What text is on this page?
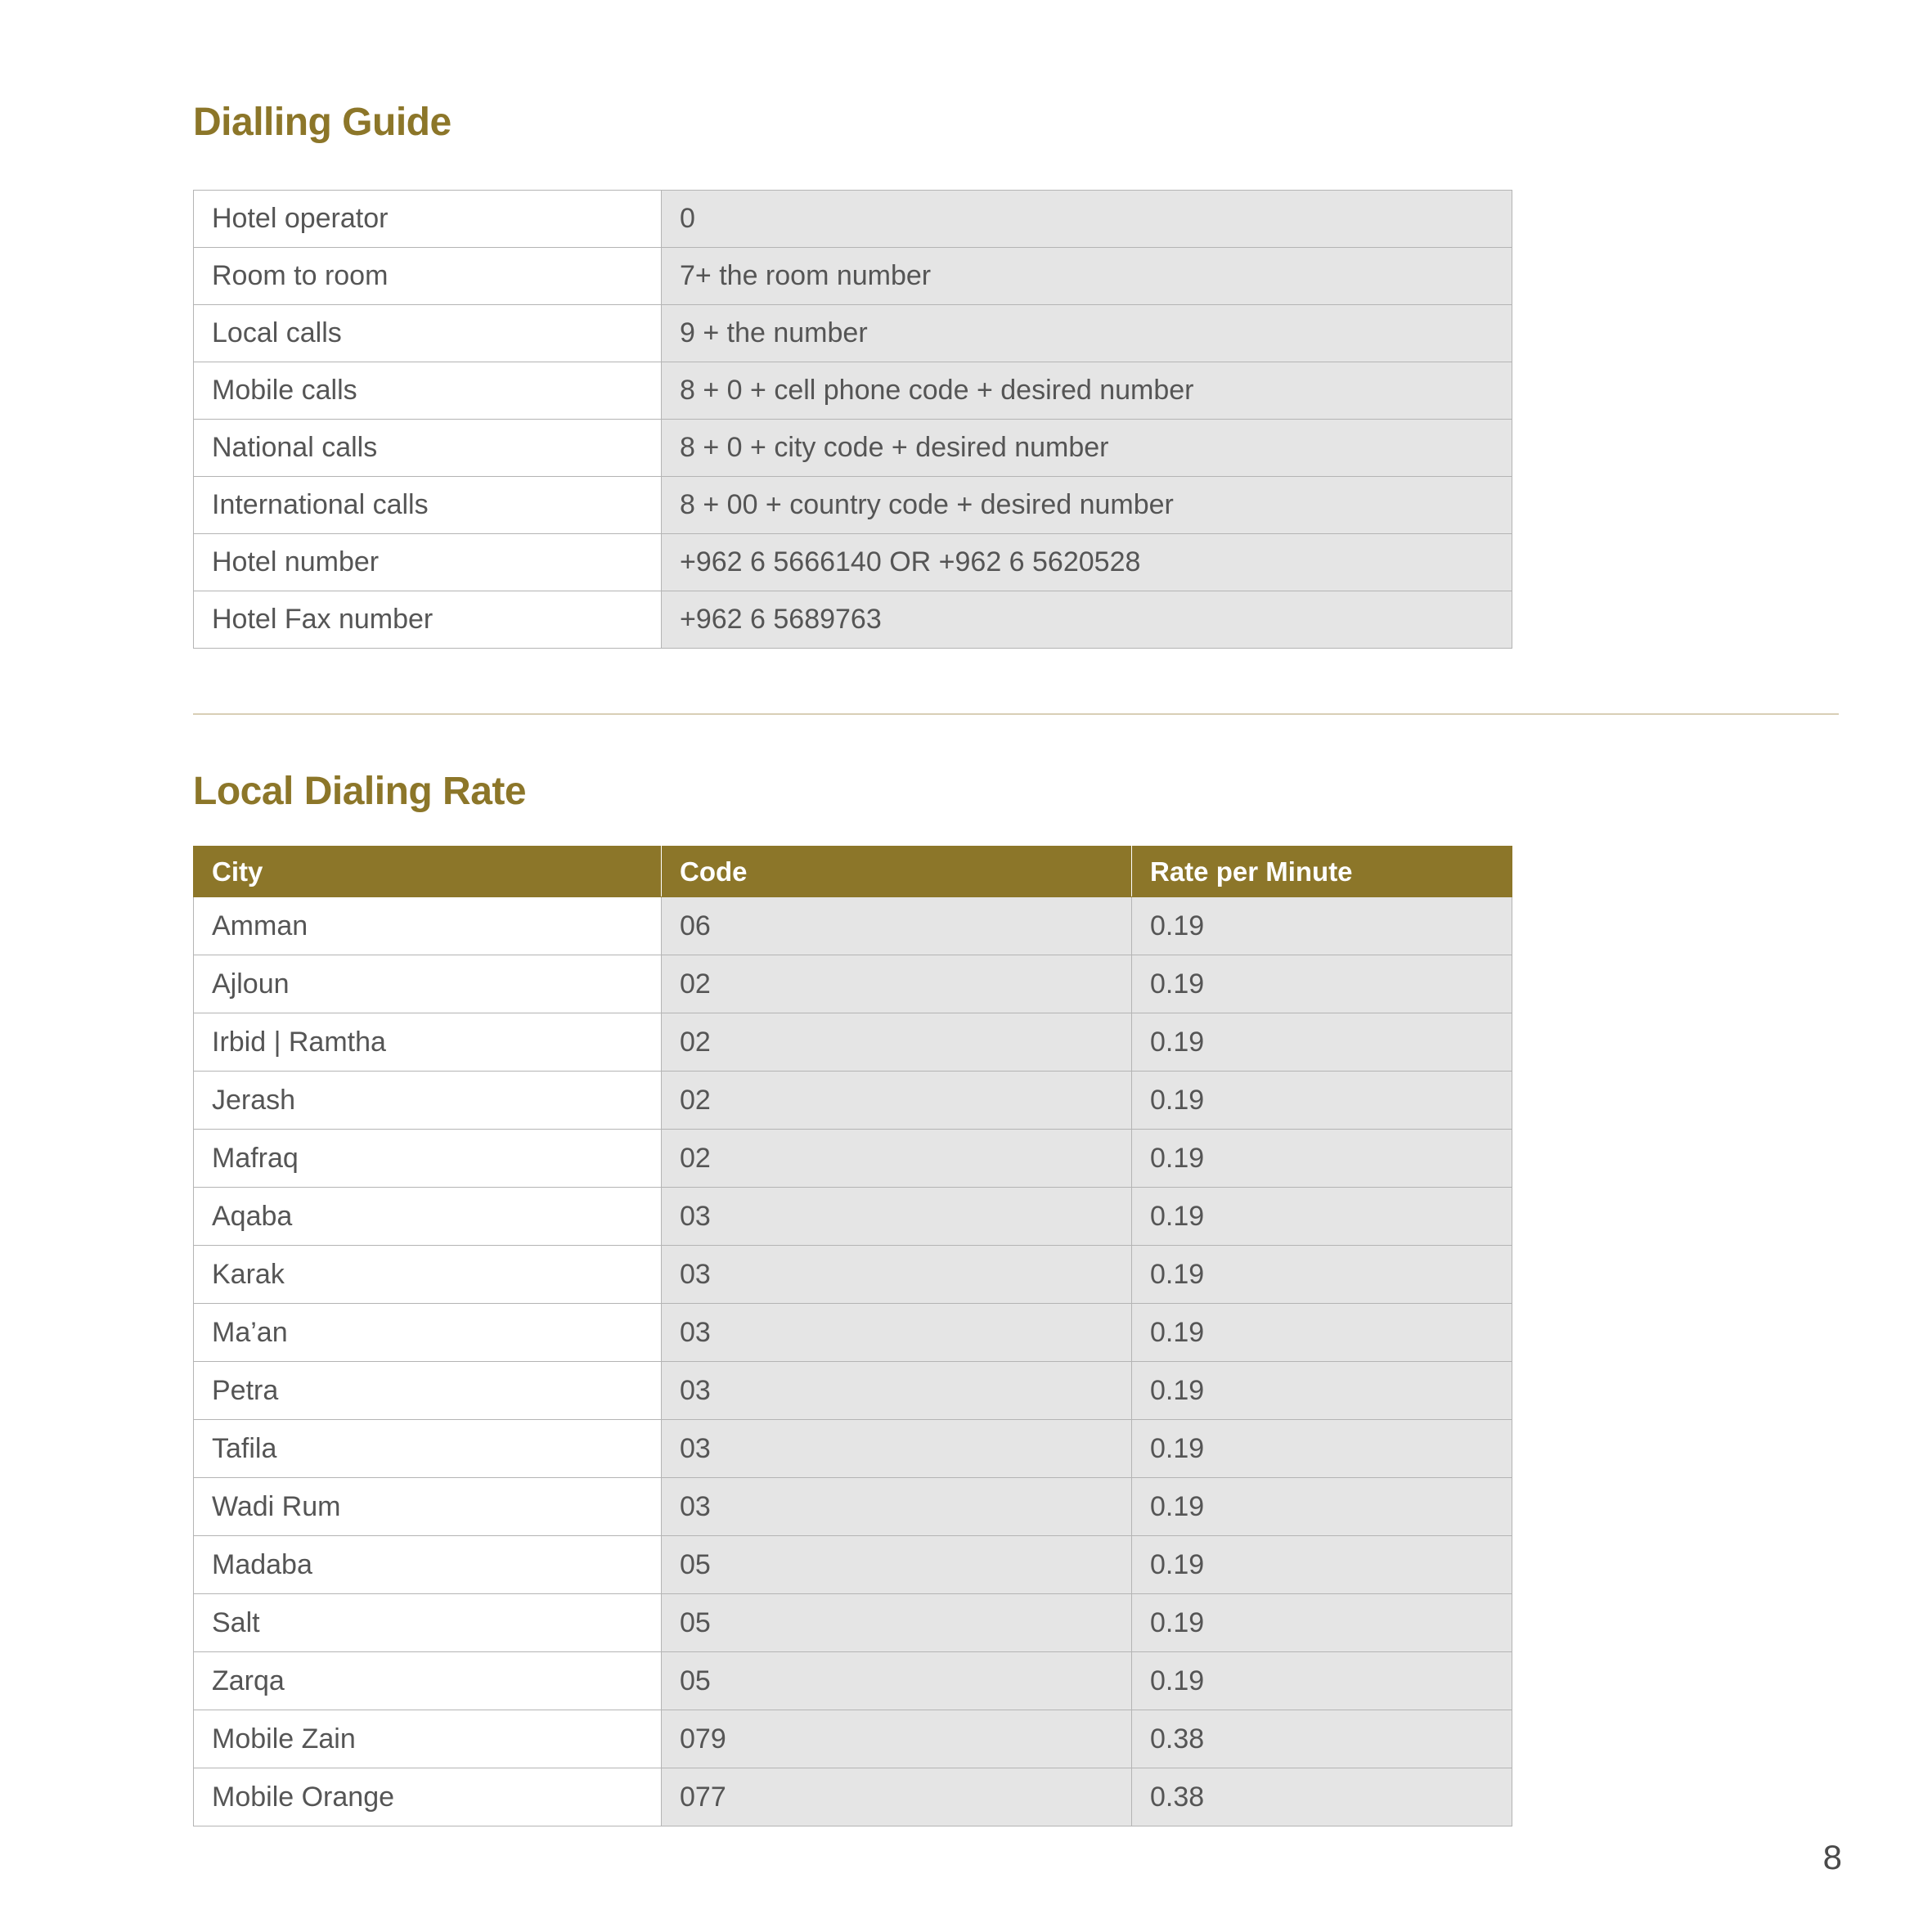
Dialling Guide
Hotel operator	0
Room to room	7+ the room number
Local calls	9 + the number
Mobile calls	8 + 0 + cell phone code + desired number
National calls	8 + 0 + city code + desired number
International calls	8 + 00 + country code + desired number
Hotel number	+962 6 5666140 OR +962 6 5620528
Hotel Fax number	+962 6 5689763
Local Dialing Rate
City	Code	Rate per Minute
Amman	06	0.19
Ajloun	02	0.19
Irbid | Ramtha	02	0.19
Jerash	02	0.19
Mafraq	02	0.19
Aqaba	03	0.19
Karak	03	0.19
Ma’an	03	0.19
Petra	03	0.19
Tafila	03	0.19
Wadi Rum	03	0.19
Madaba	05	0.19
Salt	05	0.19
Zarqa	05	0.19
Mobile Zain	079	0.38
Mobile Orange	077	0.38
8
